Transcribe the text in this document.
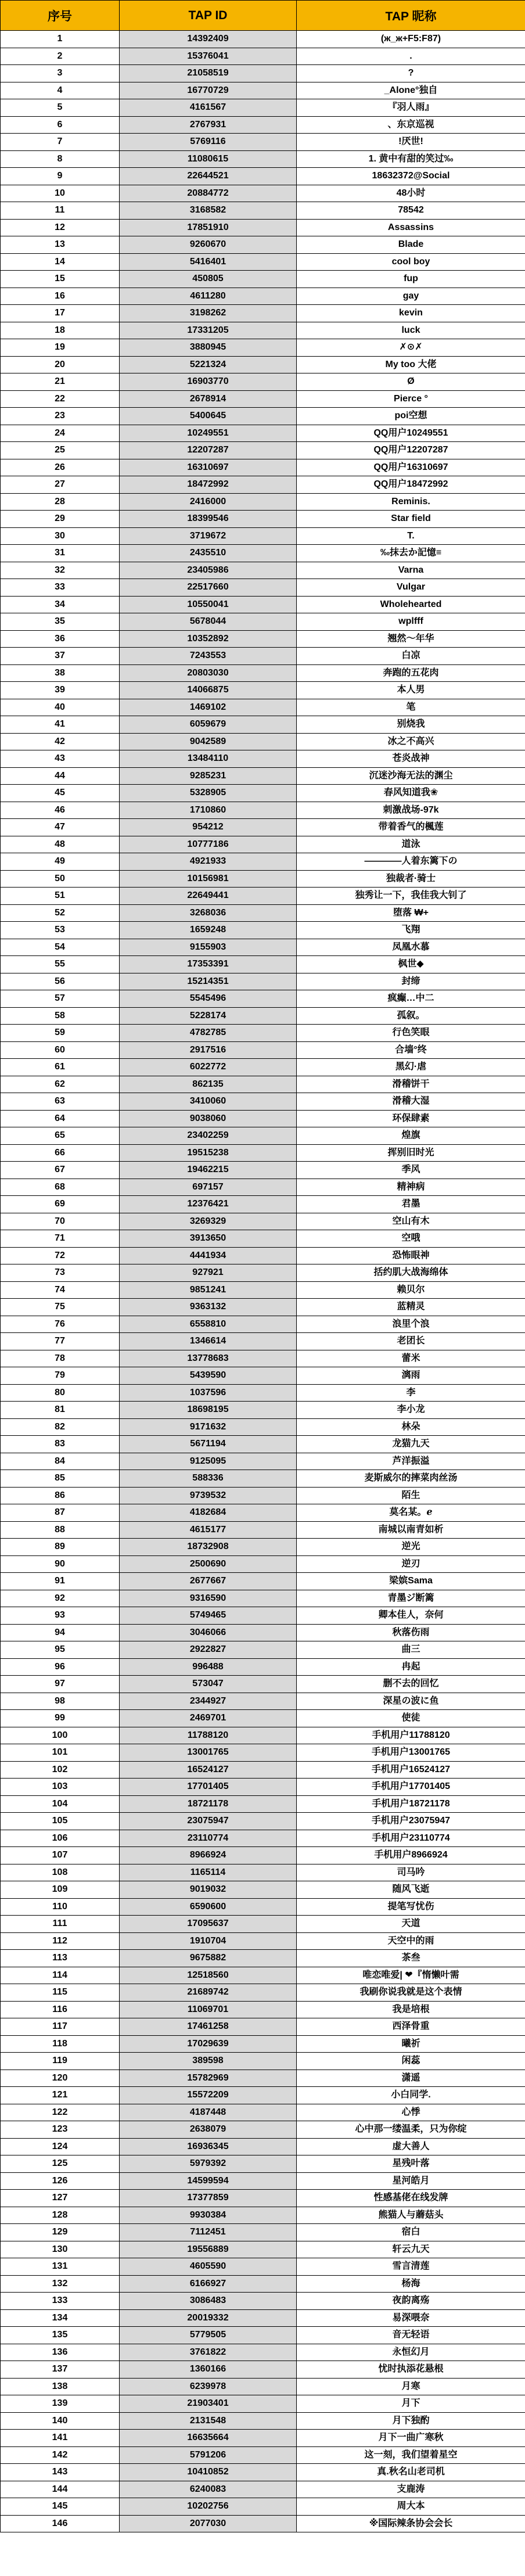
序号	TAP ID	TAP 昵称
1	14392409	(ж_ж+F5:F87)
2	15376041	.
3	21058519	?
4	16770729	_Alone°独自
5	4161567	『羽人雨』
6	2767931	、东京巡视
7	5769116	!厌世!
8	11080615	1. 黄中有甜的笑过‰
9	22644521	18632372@Social
10	20884772	48小时
11	3168582	78542
12	17851910	Assassins
13	9260670	Blade
14	5416401	cool boy
15	450805	fup
16	4611280	gay
17	3198262	kevin
18	17331205	luck
19	3880945	✗⊙✗
20	5221324	My too 大佬
21	16903770	Ø
22	2678914	Pierce °
23	5400645	poi空想
24	10249551	QQ用户10249551
25	12207287	QQ用户12207287
26	16310697	QQ用户16310697
27	18472992	QQ用户18472992
28	2416000	Reminis.
29	18399546	Star field
30	3719672	T.
31	2435510	‰抹去か記憶≡
32	23405986	Varna
33	22517660	Vulgar
34	10550041	Wholehearted
35	5678044	wplfff
36	10352892	翘然～年华
37	7243553	白凉
38	20803030	奔跑的五花肉
39	14066875	本人男
40	1469102	笔
41	6059679	别烧我
42	9042589	冰之不高兴
43	13484110	苍炎战神
44	9285231	沉迷沙海无法的渊尘
45	5328905	春风知道我❀
46	1710860	刺激战场-97k
47	954212	带着香气的楓莲
48	10777186	道泳
49	4921933	————人着东篱下の
50	10156981	独裁者·骑士
51	22649441	独秀让一下，我佳我大钊了
52	3268036	堕落 ₩+
53	1659248	飞翔
54	9155903	凤凰水慕
55	17353391	枫世◆
56	15214351	封缔
57	5545496	疯癫…中二
58	5228174	孤叙。
59	4782785	行色笑眼
60	2917516	合墙°终
61	6022772	黑幻·虐
62	862135	滑稽饼干
63	3410060	滑稽大湿
64	9038060	环保肆素
65	23402259	煌旗
66	19515238	挥别旧时光
67	19462215	季风
68	697157	精神病
69	12376421	君墨
70	3269329	空山有木
71	3913650	空哦
72	4441934	恐怖眼神
73	927921	括约肌大战海绵体
74	9851241	赖贝尔
75	9363132	蓝精灵
76	6558810	浪里个浪
77	1346614	老团长
78	13778683	蕾米
79	5439590	漓雨
80	1037596	李
81	18698195	李小龙
82	9171632	林朵
83	5671194	龙猫九天
84	9125095	芦洋振溢
85	588336	麦斯威尔的摔菜肉丝汤
86	9739532	陌生
87	4182684	莫名某。ℯ
88	4615177	南城以南青如析
89	18732908	逆光
90	2500690	逆刃
91	2677667	梁嫔Sama
92	9316590	青墨ジ断篱
93	5749465	卿本佳人，奈何
94	3046066	秋落伤雨
95	2922827	曲三
96	996488	冉起
97	573047	删不去的回忆
98	2344927	深星の波に鱼
99	2469701	使徒
100	11788120	手机用户11788120
101	13001765	手机用户13001765
102	16524127	手机用户16524127
103	17701405	手机用户17701405
104	18721178	手机用户18721178
105	23075947	手机用户23075947
106	23110774	手机用户23110774
107	8966924	手机用户8966924
108	1165114	司马吟
109	9019032	随风飞逝
110	6590600	提笔写忧伤
111	17095637	天道
112	1910704	天空中的雨
113	9675882	茶叁
114	12518560	唯恋唯爱| ❤『惰懒叶需
115	21689742	我刷你说我就是这个表情
116	11069701	我是培根
117	17461258	西泽骨重
118	17029639	曦祈
119	389598	闲蕊
120	15782969	潇遥
121	15572209	小白同学.
122	4187448	心悸
123	2638079	心中那一缕温柔，只为你绽
124	16936345	虚大善人
125	5979392	星残叶落
126	14599594	星河皓月
127	17377859	性感基佬在线发牌
128	9930384	熊猫人与蘑菇头
129	7112451	宿白
130	19556889	轩云九天
131	4605590	雪言清莲
132	6166927	杨海
133	3086483	夜韵离殇
134	20019332	易深喂奈
135	5779505	音无轻语
136	3761822	永恒幻月
137	1360166	忧时执添花悬根
138	6239978	月寒
139	21903401	月下
140	2131548	月下独酌
141	16635664	月下一曲广寒秋
142	5791206	这一刻，我们望着星空
143	10410852	真.秋名山老司机
144	6240083	支鹿涛
145	10202756	周大本
146	2077030	※国际辣条协会会长
